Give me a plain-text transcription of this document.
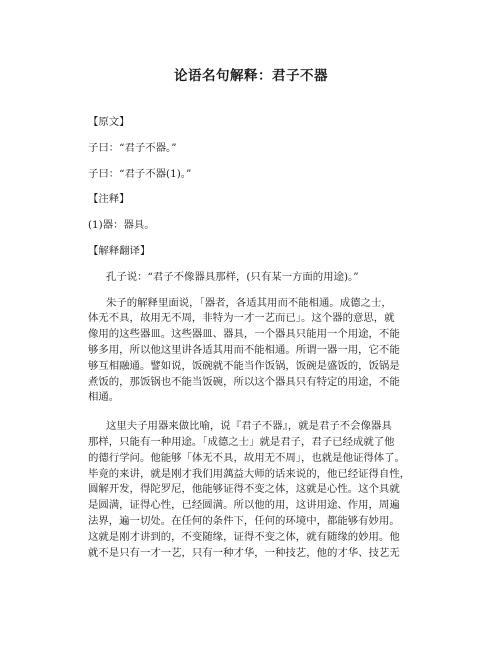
论语名句解释：君子不器
【原文】
子曰：“君子不器。”
子曰：“君子不器(1)。”
【注释】
(1)器：器具。
【解释翻译】
孔子说：“君子不像器具那样，(只有某一方面的用途)。”
朱子的解释里面说，「器者，各适其用而不能相通。成德之士，
体无不具，故用无不周，非特为一才一艺而已」。这个器的意思，就
像用的这些器皿。这些器皿、器具，一个器具只能用一个用途，不能
够多用，所以他这里讲各适其用而不能相通。所谓一器一用，它不能
够互相融通。譬如说，饭碗就不能当作饭锅，饭碗是盛饭的，饭锅是
煮饭的，那饭锅也不能当饭碗，所以这个器具只有特定的用途，不能
相通。
这里夫子用器来做比喻，说『君子不器』，就是君子不会像器具
那样，只能有一种用途。「成德之士」就是君子，君子已经成就了他
的德行学问。他能够「体无不具，故用无不周」，也就是他证得体了。
毕竟的来讲，就是刚才我们用蕅益大师的话来说的，他已经证得自性，
圆解开发，得陀罗尼，他能够证得不变之体，这就是心性。这个具就
是圆满，证得心性，已经圆满。所以他的用，这讲用途、作用，周遍
法界，遍一切处。在任何的条件下，任何的环境中，都能够有妙用。
这就是刚才讲到的，不变随缘，证得不变之体，就有随缘的妙用。他
就不是只有一才一艺，只有一种才华，一种技艺，他的才华、技艺无
